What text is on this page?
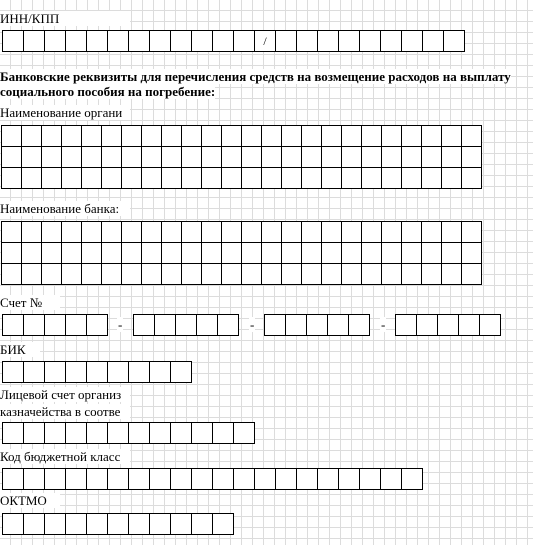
ИНН/КПП
/
Банковские реквизиты для перечисления средств на возмещение расходов на выплату
социального пособия на погребение:
Наименование органи

Наименование банка:

Счет №
-	-	-
БИК
Лицевой счет организ
казначейства в соотве
Код бюджетной класс
ОКТМО
